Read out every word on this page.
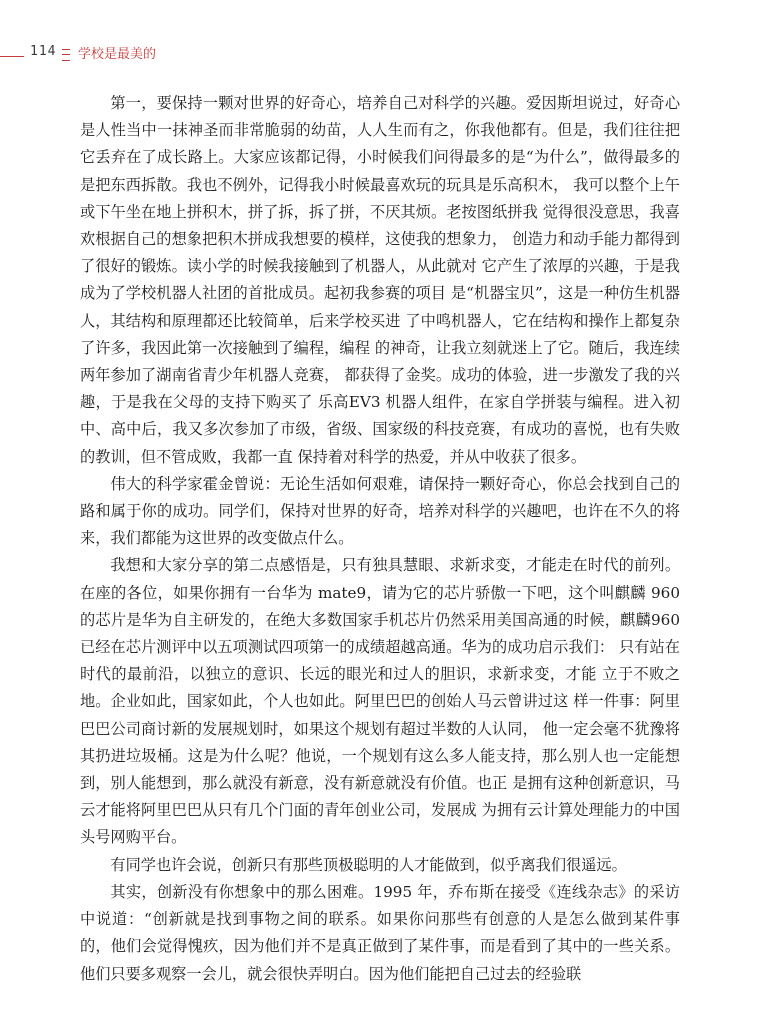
114 学校是最美的

第一，要保持一颗对世界的好奇心，培养自己对科学的兴趣。爱因斯坦说过，好奇心是人性当中一抹神圣而非常脆弱的幼苗，人人生而有之，你我他都有。但是，我们往往把它丢弃在了成长路上。大家应该都记得，小时候我们问得最多的是“为什么”，做得最多的是把东西拆散。我也不例外，记得我小时候最喜欢玩的玩具是乐高积木， 我可以整个上午或下午坐在地上拼积木，拼了拆，拆了拼，不厌其烦。老按图纸拼我 觉得很没意思，我喜欢根据自己的想象把积木拼成我想要的模样，这使我的想象力， 创造力和动手能力都得到了很好的锻炼。读小学的时候我接触到了机器人，从此就对 它产生了浓厚的兴趣，于是我成为了学校机器人社团的首批成员。起初我参赛的项目 是“机器宝贝”，这是一种仿生机器人，其结构和原理都还比较简单，后来学校买进 了中鸣机器人，它在结构和操作上都复杂了许多，我因此第一次接触到了编程，编程 的神奇，让我立刻就迷上了它。随后，我连续两年参加了湖南省青少年机器人竞赛， 都获得了金奖。成功的体验，进一步激发了我的兴趣，于是我在父母的支持下购买了 乐高EV3 机器人组件，在家自学拼装与编程。进入初中、高中后，我又多次参加了市级，省级、国家级的科技竞赛，有成功的喜悦，也有失败的教训，但不管成败，我都一直 保持着对科学的热爱，并从中收获了很多。

伟大的科学家霍金曾说：无论生活如何艰难，请保持一颗好奇心，你总会找到自己的路和属于你的成功。同学们，保持对世界的好奇，培养对科学的兴趣吧，也许在不久的将来，我们都能为这世界的改变做点什么。

我想和大家分享的第二点感悟是，只有独具慧眼、求新求变，才能走在时代的前列。在座的各位，如果你拥有一台华为 mate9，请为它的芯片骄傲一下吧，这个叫麒麟 960的芯片是华为自主研发的，在绝大多数国家手机芯片仍然采用美国高通的时候，麒麟960已经在芯片测评中以五项测试四项第一的成绩超越高通。华为的成功启示我们： 只有站在时代的最前沿，以独立的意识、长远的眼光和过人的胆识，求新求变，才能 立于不败之地。企业如此，国家如此，个人也如此。阿里巴巴的创始人马云曾讲过这 样一件事：阿里巴巴公司商讨新的发展规划时，如果这个规划有超过半数的人认同， 他一定会毫不犹豫将其扔进垃圾桶。这是为什么呢？他说，一个规划有这么多人能支持，那么别人也一定能想到，别人能想到，那么就没有新意，没有新意就没有价值。也正 是拥有这种创新意识，马云才能将阿里巴巴从只有几个门面的青年创业公司，发展成 为拥有云计算处理能力的中国头号网购平台。

有同学也许会说，创新只有那些顶极聪明的人才能做到，似乎离我们很遥远。

其实，创新没有你想象中的那么困难。1995 年，乔布斯在接受《连线杂志》的采访中说道：“创新就是找到事物之间的联系。如果你问那些有创意的人是怎么做到某件事的，他们会觉得愧疚，因为他们并不是真正做到了某件事，而是看到了其中的一些关系。他们只要多观察一会儿，就会很快弄明白。因为他们能把自己过去的经验联
